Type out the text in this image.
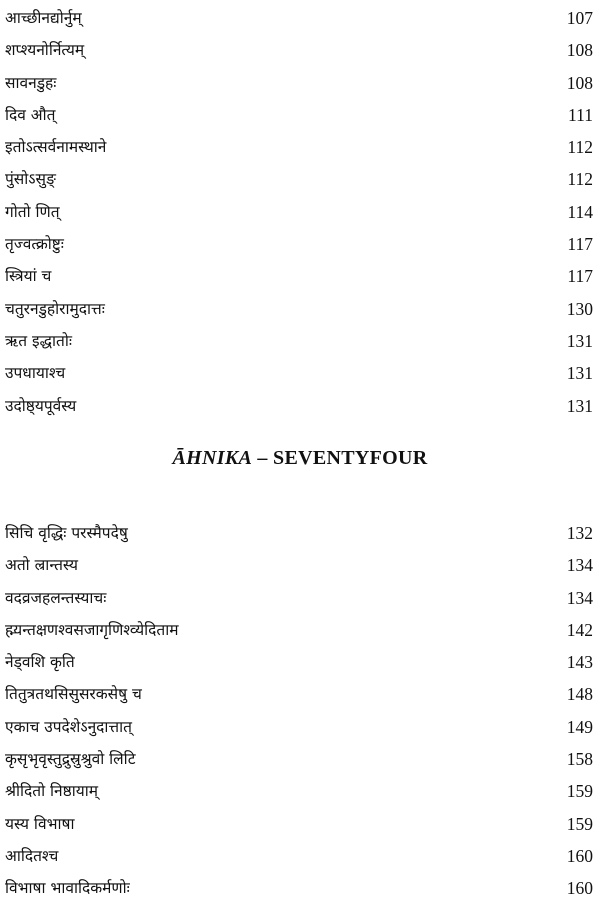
आच्छीनद्योर्नुम्	107
शप्श्यनोर्नित्यम्	108
सावनडुहः	108
दिव औत्	111
इतोऽत्सर्वनामस्थाने	112
पुंसोऽसुङ्	112
गोतो णित्	114
तृज्वत्क्रोष्टुः	117
स्त्रियां च	117
चतुरनडुहोरामुदात्तः	130
ऋत इद्धातोः	131
उपधायाश्च	131
उदोष्ठ्यपूर्वस्य	131
ĀHNIKA – SEVENTYFOUR
सिचि वृद्धिः परस्मैपदेषु	132
अतो ल्रान्तस्य	134
वदव्रजहलन्तस्याचः	134
ह्म्यन्तक्षणश्वसजागृणिश्व्येदिताम	142
नेड्वशि कृति	143
तितुत्रतथसिसुसरकसेषु च	148
एकाच उपदेशेऽनुदात्तात्	149
कृसृभृवृस्तुद्रुस्रुश्रुवो लिटि	158
श्रीदितो निष्ठायाम्	159
यस्य विभाषा	159
आदितश्च	160
विभाषा भावादिकर्मणोः	160
